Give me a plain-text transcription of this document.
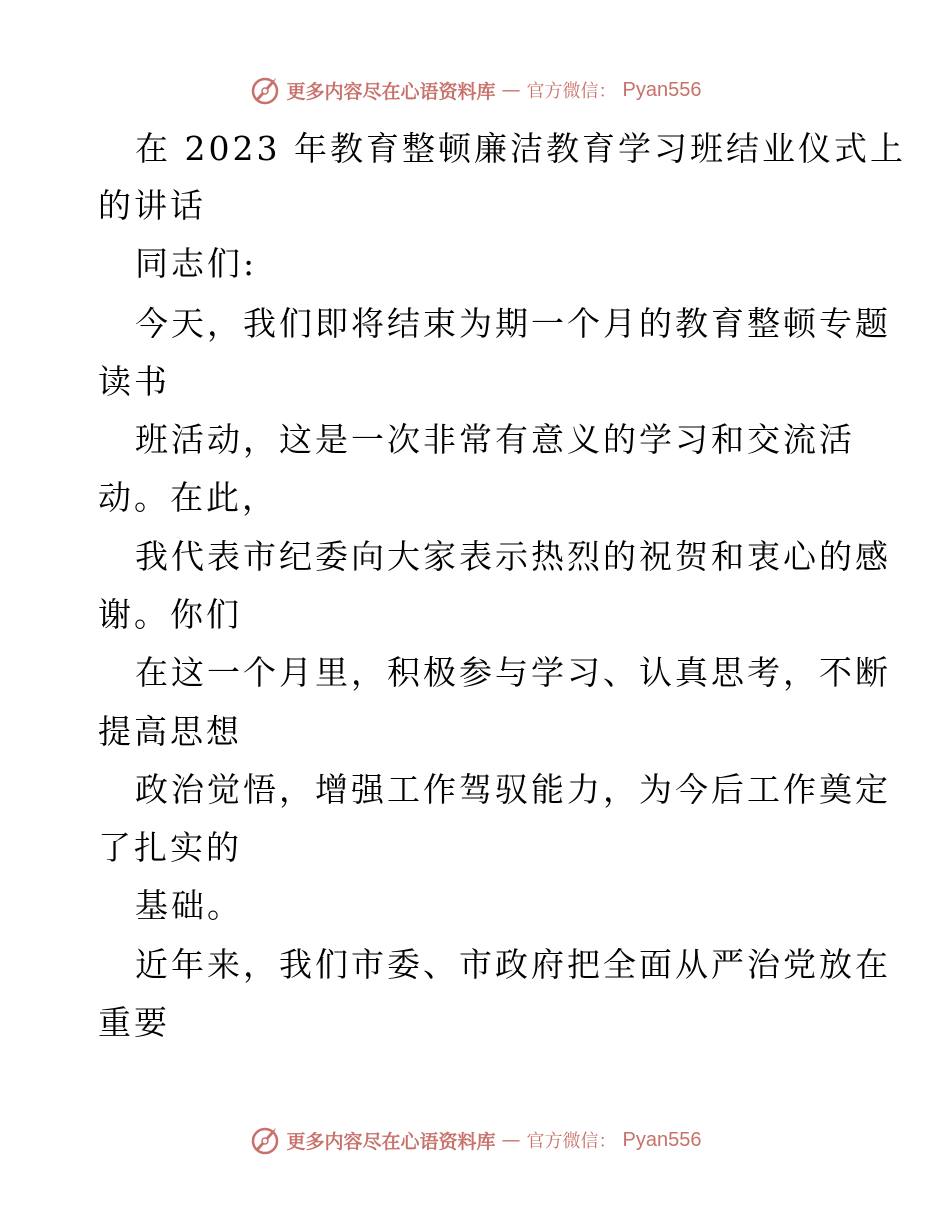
更多内容尽在心语资料库 — 官方微信： Pyan556

在 2023 年教育整顿廉洁教育学习班结业仪式上

的讲话

同志们:

今天，我们即将结束为期一个月的教育整顿专题

读书

班活动，这是一次非常有意义的学习和交流活

动。在此，

我代表市纪委向大家表示热烈的祝贺和衷心的感

谢。你们

在这一个月里，积极参与学习、认真思考，不断

提高思想

政治觉悟，增强工作驾驭能力，为今后工作奠定

了扎实的

基础。

近年来，我们市委、市政府把全面从严治党放在

重要

更多内容尽在心语资料库 — 官方微信： Pyan556
